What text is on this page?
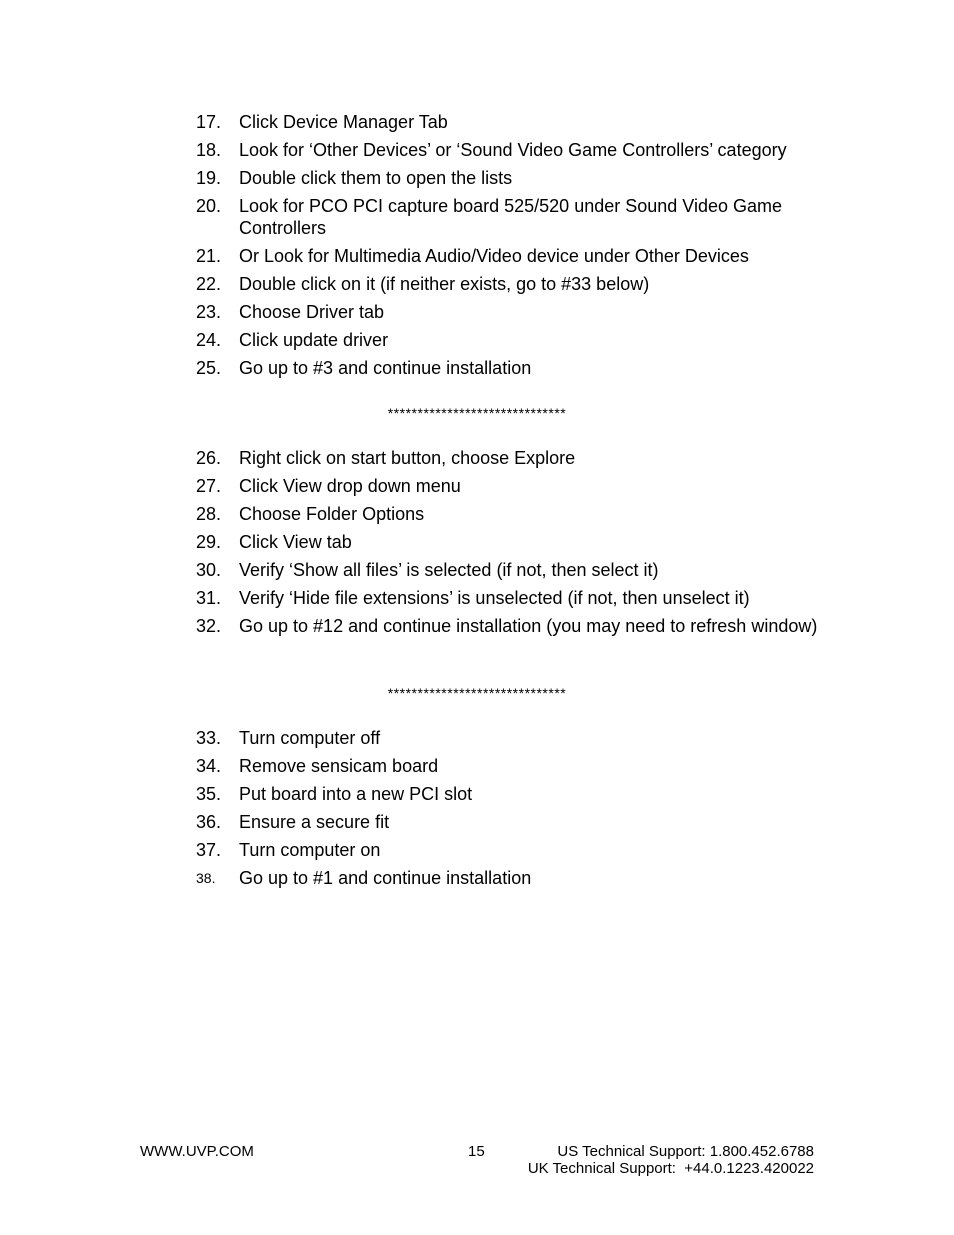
17. Click Device Manager Tab
18. Look for ‘Other Devices’ or ‘Sound Video Game Controllers’ category
19. Double click them to open the lists
20. Look for PCO PCI capture board 525/520 under Sound Video Game Controllers
21. Or Look for Multimedia Audio/Video device under Other Devices
22. Double click on it (if neither exists, go to #33 below)
23. Choose Driver tab
24. Click update driver
25. Go up to #3 and continue installation
******************************
26. Right click on start button, choose Explore
27. Click View drop down menu
28. Choose Folder Options
29. Click View tab
30. Verify ‘Show all files’ is selected (if not, then select it)
31. Verify ‘Hide file extensions’ is unselected (if not, then unselect it)
32. Go up to #12 and continue installation (you may need to refresh window)
******************************
33. Turn computer off
34. Remove sensicam board
35. Put board into a new PCI slot
36. Ensure a secure fit
37. Turn computer on
38.	Go up to #1 and continue installation
WWW.UVP.COM	15	US Technical Support: 1.800.452.6788
UK Technical Support:  +44.0.1223.420022
